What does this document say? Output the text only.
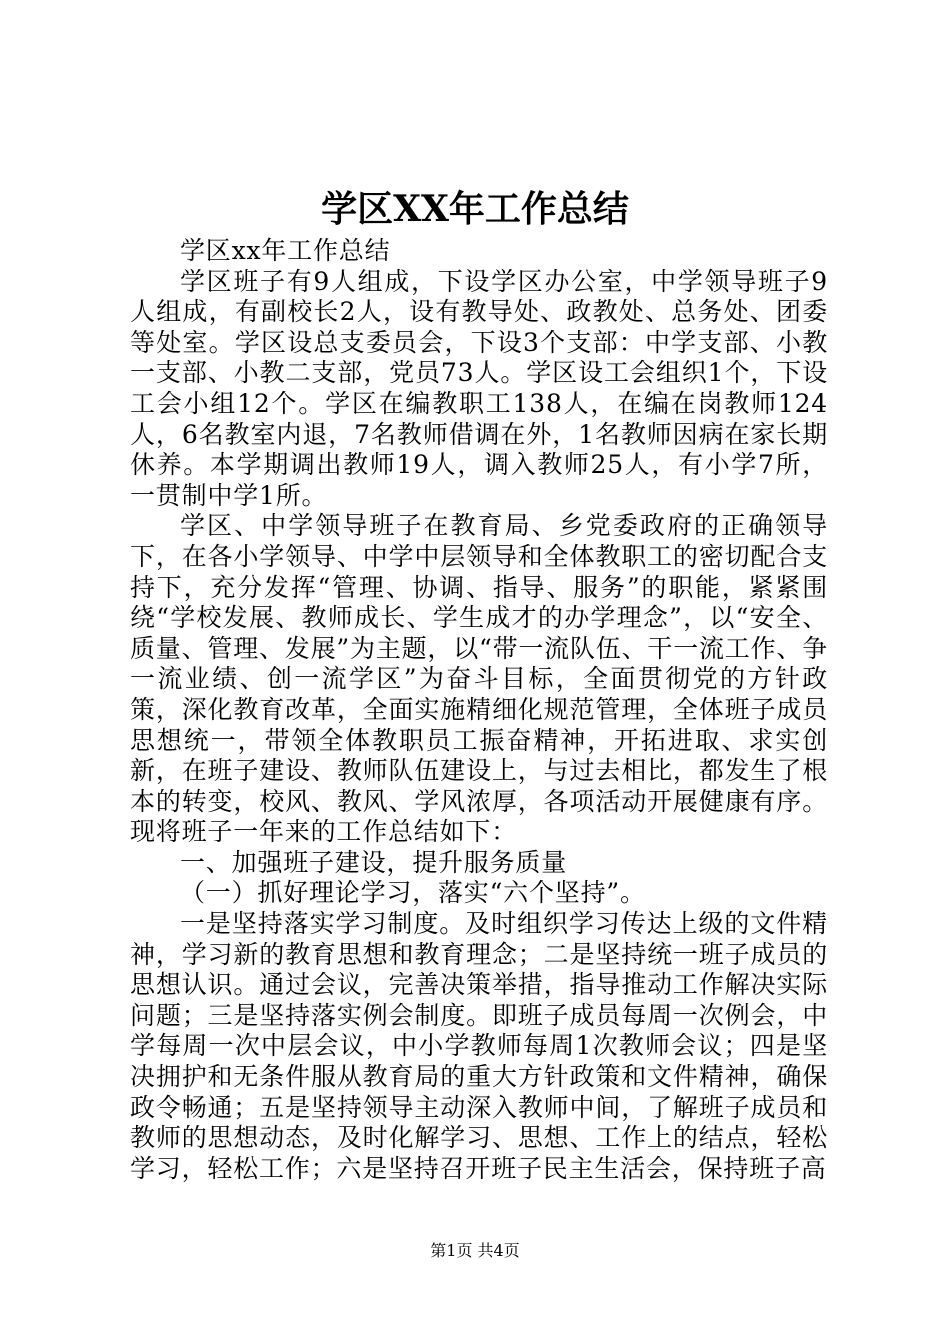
学区XX年工作总结

学区xx年工作总结

学区班子有9人组成，下设学区办公室，中学领导班子9人组成，有副校长2人，设有教导处、政教处、总务处、团委等处室。学区设总支委员会，下设3个支部：中学支部、小教一支部、小教二支部，党员73人。学区设工会组织1个，下设工会小组12个。学区在编教职工138人，在编在岗教师124人，6名教室内退，7名教师借调在外，1名教师因病在家长期休养。本学期调出教师19人，调入教师25人，有小学7所，一贯制中学1所。

学区、中学领导班子在教育局、乡党委政府的正确领导下，在各小学领导、中学中层领导和全体教职工的密切配合支持下，充分发挥“管理、协调、指导、服务”的职能，紧紧围绕“学校发展、教师成长、学生成才的办学理念”，以“安全、质量、管理、发展”为主题，以“带一流队伍、干一流工作、争一流业绩、创一流学区”为奋斗目标，全面贯彻党的方针政策，深化教育改革，全面实施精细化规范管理，全体班子成员思想统一，带领全体教职员工振奋精神，开拓进取、求实创新，在班子建设、教师队伍建设上，与过去相比，都发生了根本的转变，校风、教风、学风浓厚，各项活动开展健康有序。现将班子一年来的工作总结如下：

一、加强班子建设，提升服务质量

（一）抓好理论学习，落实“六个坚持”。

一是坚持落实学习制度。及时组织学习传达上级的文件精神，学习新的教育思想和教育理念；二是坚持统一班子成员的思想认识。通过会议，完善决策举措，指导推动工作解决实际问题；三是坚持落实例会制度。即班子成员每周一次例会，中学每周一次中层会议，中小学教师每周1次教师会议；四是坚决拥护和无条件服从教育局的重大方针政策和文件精神，确保政令畅通；五是坚持领导主动深入教师中间，了解班子成员和教师的思想动态，及时化解学习、思想、工作上的结点，轻松学习，轻松工作；六是坚持召开班子民主生活会，保持班子高

第1页 共4页
